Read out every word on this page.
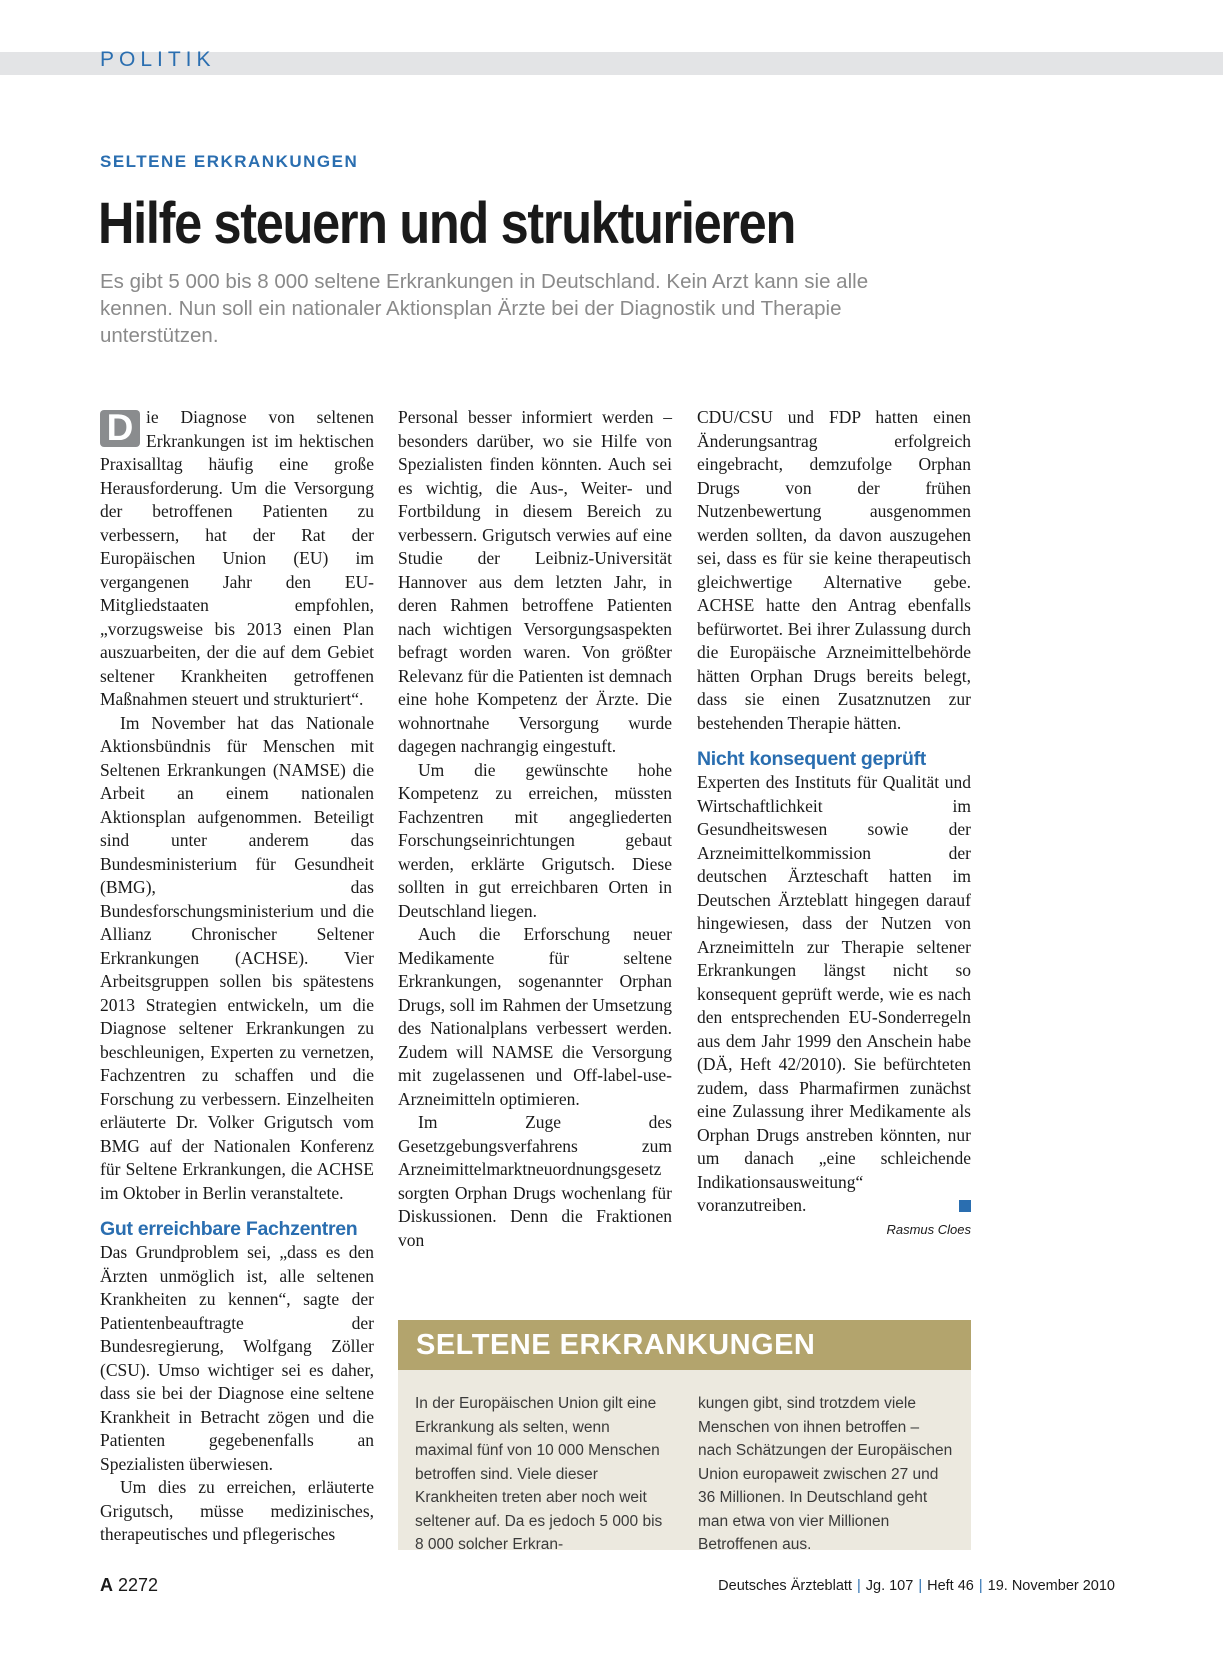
POLITIK
SELTENE ERKRANKUNGEN
Hilfe steuern und strukturieren

Es gibt 5 000 bis 8 000 seltene Erkrankungen in Deutschland. Kein Arzt kann sie alle kennen. Nun soll ein nationaler Aktionsplan Ärzte bei der Diagnostik und Therapie unterstützen.

D ie Diagnose von seltenen Erkrankungen ist im hektischen Praxisalltag häufig eine große Herausforderung. Um die Versorgung der betroffenen Patienten zu verbessern, hat der Rat der Europäischen Union (EU) im vergangenen Jahr den EU-Mitgliedstaaten empfohlen, „vorzugsweise bis 2013 einen Plan auszuarbeiten, der die auf dem Gebiet seltener Krankheiten getroffenen Maßnahmen steuert und strukturiert“.

Im November hat das Nationale Aktionsbündnis für Menschen mit Seltenen Erkrankungen (NAMSE) die Arbeit an einem nationalen Aktionsplan aufgenommen. Beteiligt sind unter anderem das Bundesministerium für Gesundheit (BMG), das Bundesforschungsministerium und die Allianz Chronischer Seltener Erkrankungen (ACHSE). Vier Arbeitsgruppen sollen bis spätestens 2013 Strategien entwickeln, um die Diagnose seltener Erkrankungen zu beschleunigen, Experten zu vernetzen, Fachzentren zu schaffen und die Forschung zu verbessern. Einzelheiten erläuterte Dr. Volker Grigutsch vom BMG auf der Nationalen Konferenz für Seltene Erkrankungen, die ACHSE im Oktober in Berlin veranstaltete.

Gut erreichbare Fachzentren

Das Grundproblem sei, „dass es den Ärzten unmöglich ist, alle seltenen Krankheiten zu kennen“, sagte der Patientenbeauftragte der Bundesregierung, Wolfgang Zöller (CSU). Umso wichtiger sei es daher, dass sie bei der Diagnose eine seltene Krankheit in Betracht zögen und die Patienten gegebenenfalls an Spezialisten überwiesen.

Um dies zu erreichen, erläuterte Grigutsch, müsse medizinisches, therapeutisches und pflegerisches

Personal besser informiert werden – besonders darüber, wo sie Hilfe von Spezialisten finden könnten. Auch sei es wichtig, die Aus-, Weiter- und Fortbildung in diesem Bereich zu verbessern. Grigutsch verwies auf eine Studie der Leibniz-Universität Hannover aus dem letzten Jahr, in deren Rahmen betroffene Patienten nach wichtigen Versorgungsaspekten befragt worden waren. Von größter Relevanz für die Patienten ist demnach eine hohe Kompetenz der Ärzte. Die wohnortnahe Versorgung wurde dagegen nachrangig eingestuft.

Um die gewünschte hohe Kompetenz zu erreichen, müssten Fachzentren mit angegliederten Forschungseinrichtungen gebaut werden, erklärte Grigutsch. Diese sollten in gut erreichbaren Orten in Deutschland liegen.

Auch die Erforschung neuer Medikamente für seltene Erkrankungen, sogenannter Orphan Drugs, soll im Rahmen der Umsetzung des Nationalplans verbessert werden. Zudem will NAMSE die Versorgung mit zugelassenen und Off-label-use-Arzneimitteln optimieren.

Im Zuge des Gesetzgebungsverfahrens zum Arzneimittelmarktneuordnungsgesetz sorgten Orphan Drugs wochenlang für Diskussionen. Denn die Fraktionen von

CDU/CSU und FDP hatten einen Änderungsantrag erfolgreich eingebracht, demzufolge Orphan Drugs von der frühen Nutzenbewertung ausgenommen werden sollten, da davon auszugehen sei, dass es für sie keine therapeutisch gleichwertige Alternative gebe. ACHSE hatte den Antrag ebenfalls befürwortet. Bei ihrer Zulassung durch die Europäische Arzneimittelbehörde hätten Orphan Drugs bereits belegt, dass sie einen Zusatznutzen zur bestehenden Therapie hätten.

Nicht konsequent geprüft

Experten des Instituts für Qualität und Wirtschaftlichkeit im Gesundheitswesen sowie der Arzneimittelkommission der deutschen Ärzteschaft hatten im Deutschen Ärzteblatt hingegen darauf hingewiesen, dass der Nutzen von Arzneimitteln zur Therapie seltener Erkrankungen längst nicht so konsequent geprüft werde, wie es nach den entsprechenden EU-Sonderregeln aus dem Jahr 1999 den Anschein habe (DÄ, Heft 42/2010). Sie befürchteten zudem, dass Pharmafirmen zunächst eine Zulassung ihrer Medikamente als Orphan Drugs anstreben könnten, nur um danach „eine schleichende Indikationsausweitung“ voranzutreiben.

Rasmus Cloes
SELTENE ERKRANKUNGEN
In der Europäischen Union gilt eine Erkrankung als selten, wenn maximal fünf von 10 000 Menschen betroffen sind. Viele dieser Krankheiten treten aber noch weit seltener auf. Da es jedoch 5 000 bis 8 000 solcher Erkran-
kungen gibt, sind trotzdem viele Menschen von ihnen betroffen – nach Schätzungen der Europäischen Union europaweit zwischen 27 und 36 Millionen. In Deutschland geht man etwa von vier Millionen Betroffenen aus.
A 2272	Deutsches Ärzteblatt | Jg. 107 | Heft 46 | 19. November 2010
